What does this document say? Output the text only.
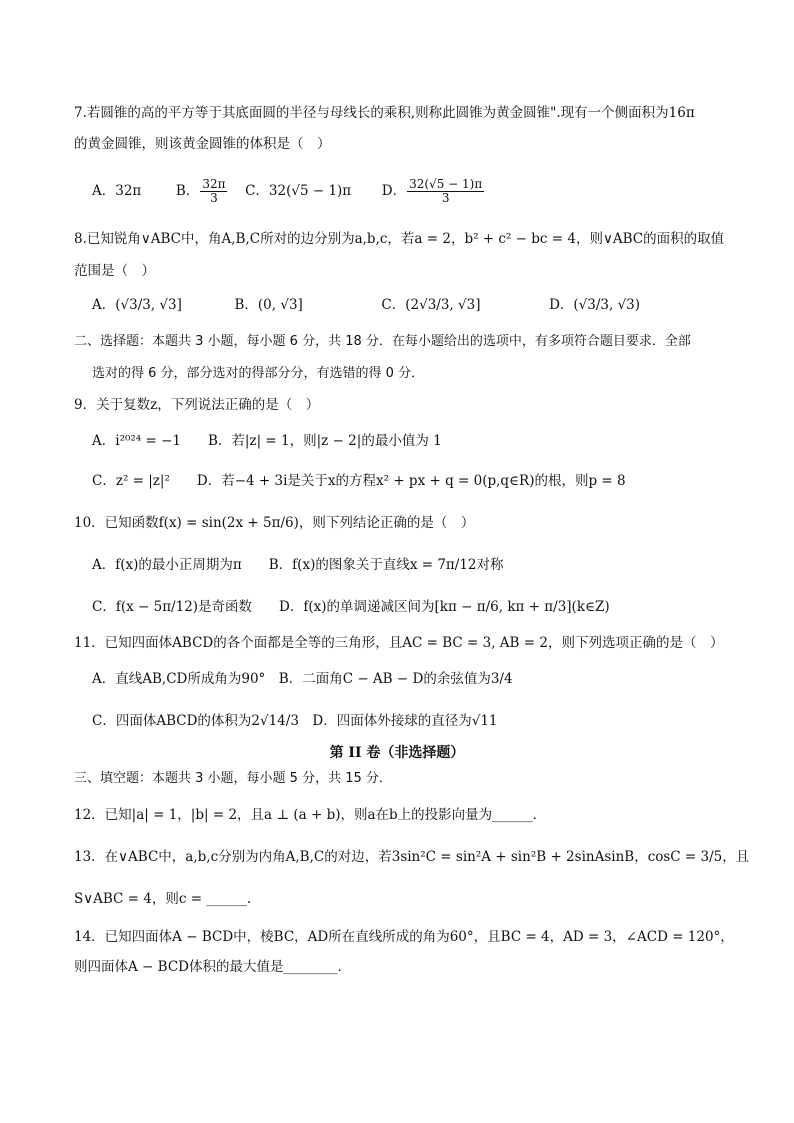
7.若圆锥的高的平方等于其底面圆的半径与母线长的乘积,则称此圆锥为黄金圆锥".现有一个侧面积为16π
的黄金圆锥，则该黄金圆锥的体积是（　）
A．32π	B． $\frac{32\pi}{3}$ C．32(√5 − 1)π D． $\frac{32(√5 - 1)\pi}{3}$
8.已知锐角∨ABC中，角A,B,C所对的边分别为a,b,c，若a = 2，b² + c² − bc = 4，则∨ABC的面积的取值
范围是（　）
A．(√3/3, √3]	B．(0, √3]	C．(2√3/3, √3]	D．(√3/3, √3)
二、选择题：本题共 3 小题，每小题 6 分，共 18 分．在每小题给出的选项中，有多项符合题目要求．全部
选对的得 6 分，部分选对的得部分分，有选错的得 0 分．
9．关于复数z，下列说法正确的是（　）
A．i²⁰²⁴ = −1　　B．若|z| = 1，则|z − 2|的最小值为 1
C．z² = |z|²　　D．若−4 + 3i是关于x的方程x² + px + q = 0(p,q∈R)的根，则p = 8
10．已知函数f(x) = sin(2x + 5π/6)，则下列结论正确的是（　）
A．f(x)的最小正周期为π　　B．f(x)的图象关于直线x = 7π/12对称
C．f(x − 5π/12)是奇函数　　D．f(x)的单调递减区间为[kπ − π/6, kπ + π/3](k∈Z)
11．已知四面体ABCD的各个面都是全等的三角形，且AC = BC = 3, AB = 2，则下列选项正确的是（　）
A．直线AB,CD所成角为90°　B．二面角C − AB − D的余弦值为3/4
C．四面体ABCD的体积为2√14/3　D．四面体外接球的直径为√11
第 II 卷（非选择题）
三、填空题：本题共 3 小题，每小题 5 分，共 15 分．
12．已知|a| = 1，|b| = 2，且a ⊥ (a + b)，则a在b上的投影向量为______．
13．在∨ABC中，a,b,c分别为内角A,B,C的对边，若3sin²C = sin²A + sin²B + 2sinAsinB，cosC = 3/5，且
S∨ABC = 4，则c = ______.
14．已知四面体A − BCD中，棱BC，AD所在直线所成的角为60°，且BC = 4，AD = 3，∠ACD = 120°，
则四面体A − BCD体积的最大值是________．
